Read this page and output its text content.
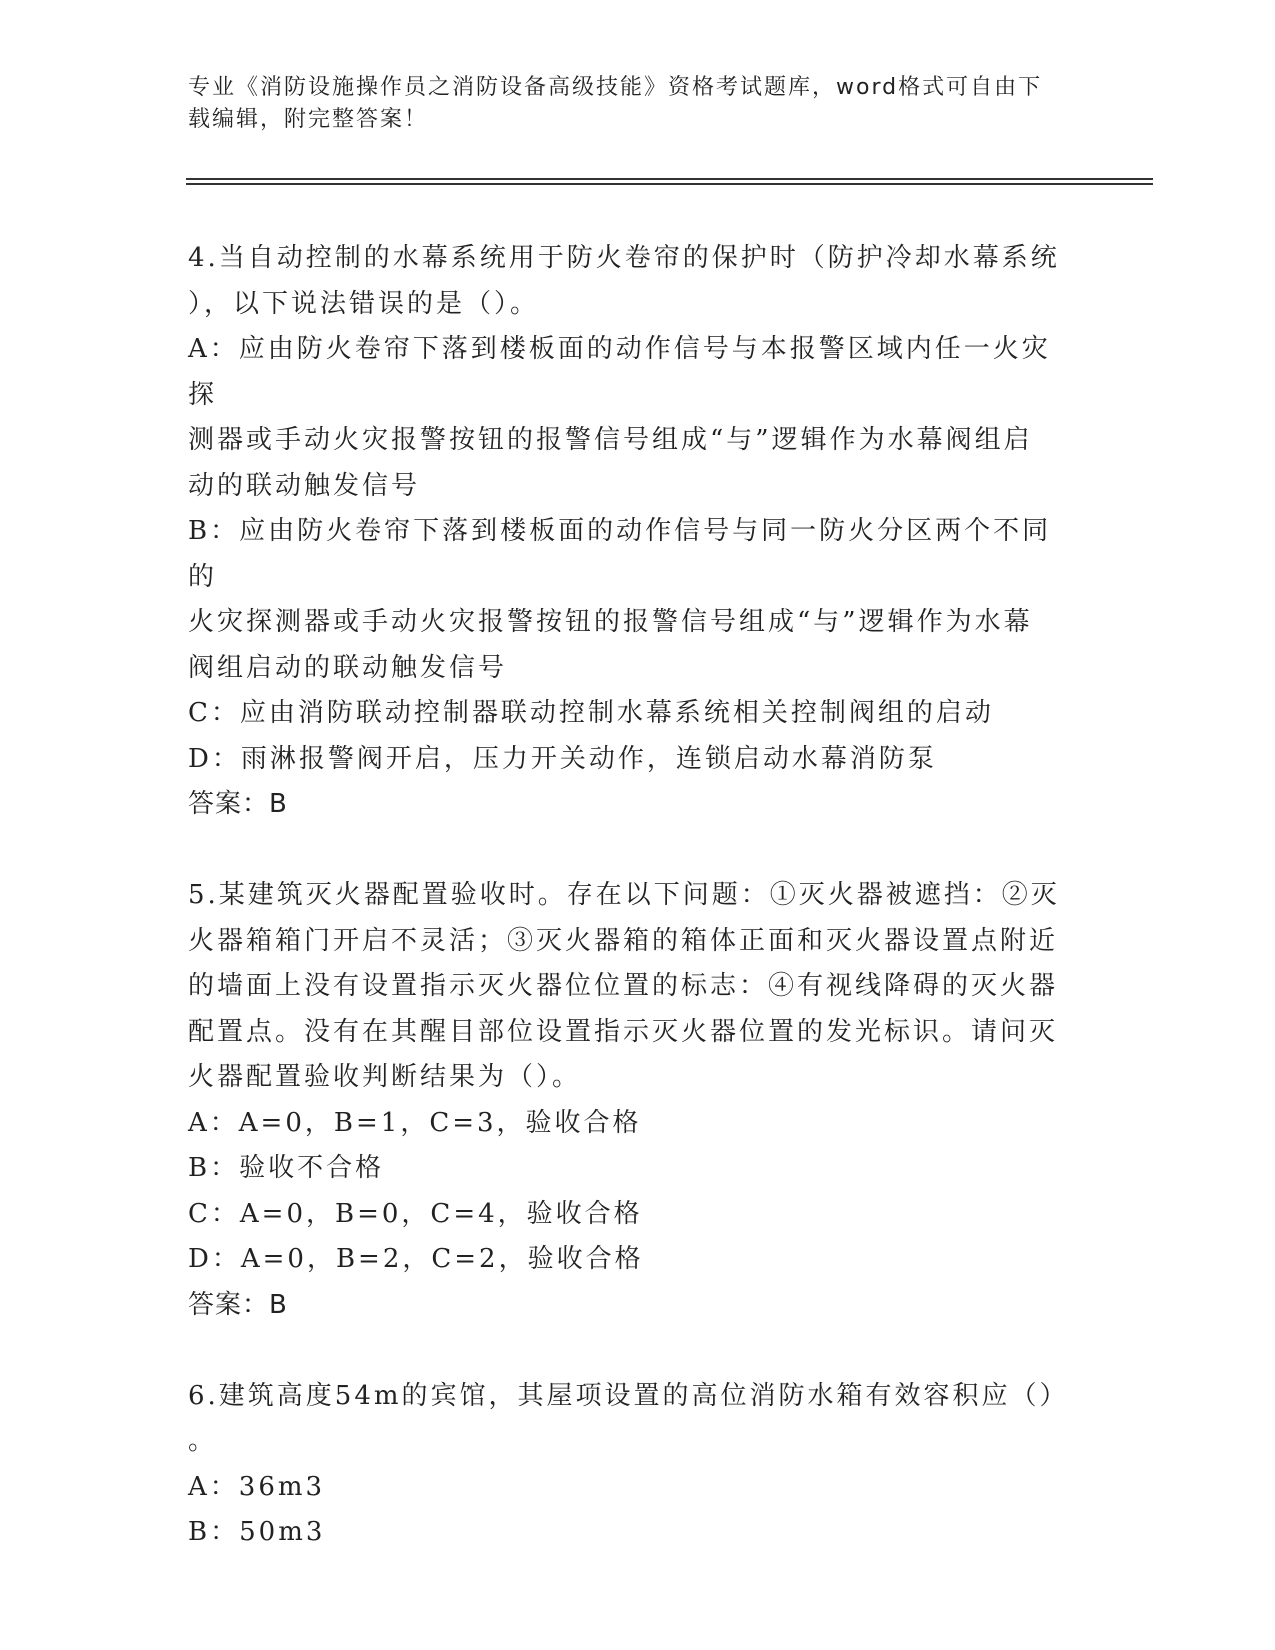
专业《消防设施操作员之消防设备高级技能》资格考试题库，word格式可自由下
载编辑，附完整答案！

4.当自动控制的水幕系统用于防火卷帘的保护时（防护冷却水幕系统

），以下说法错误的是（）。

A：应由防火卷帘下落到楼板面的动作信号与本报警区域内任一火灾探

测器或手动火灾报警按钮的报警信号组成“与”逻辑作为水幕阀组启

动的联动触发信号

B：应由防火卷帘下落到楼板面的动作信号与同一防火分区两个不同的

火灾探测器或手动火灾报警按钮的报警信号组成“与”逻辑作为水幕

阀组启动的联动触发信号

C：应由消防联动控制器联动控制水幕系统相关控制阀组的启动

D：雨淋报警阀开启，压力开关动作，连锁启动水幕消防泵

答案：B

5.某建筑灭火器配置验收时。存在以下问题：①灭火器被遮挡：②灭

火器箱箱门开启不灵活；③灭火器箱的箱体正面和灭火器设置点附近

的墙面上没有设置指示灭火器位位置的标志：④有视线降碍的灭火器

配置点。没有在其醒目部位设置指示灭火器位置的发光标识。请问灭

火器配置验收判断结果为（）。

A：A=0，B=1，C=3，验收合格

B：验收不合格

C：A=0，B=0，C=4，验收合格

D：A=0，B=2，C=2，验收合格

答案：B

6.建筑高度54m的宾馆，其屋项设置的高位消防水箱有效容积应（）

。

A：36m3

B：50m3
